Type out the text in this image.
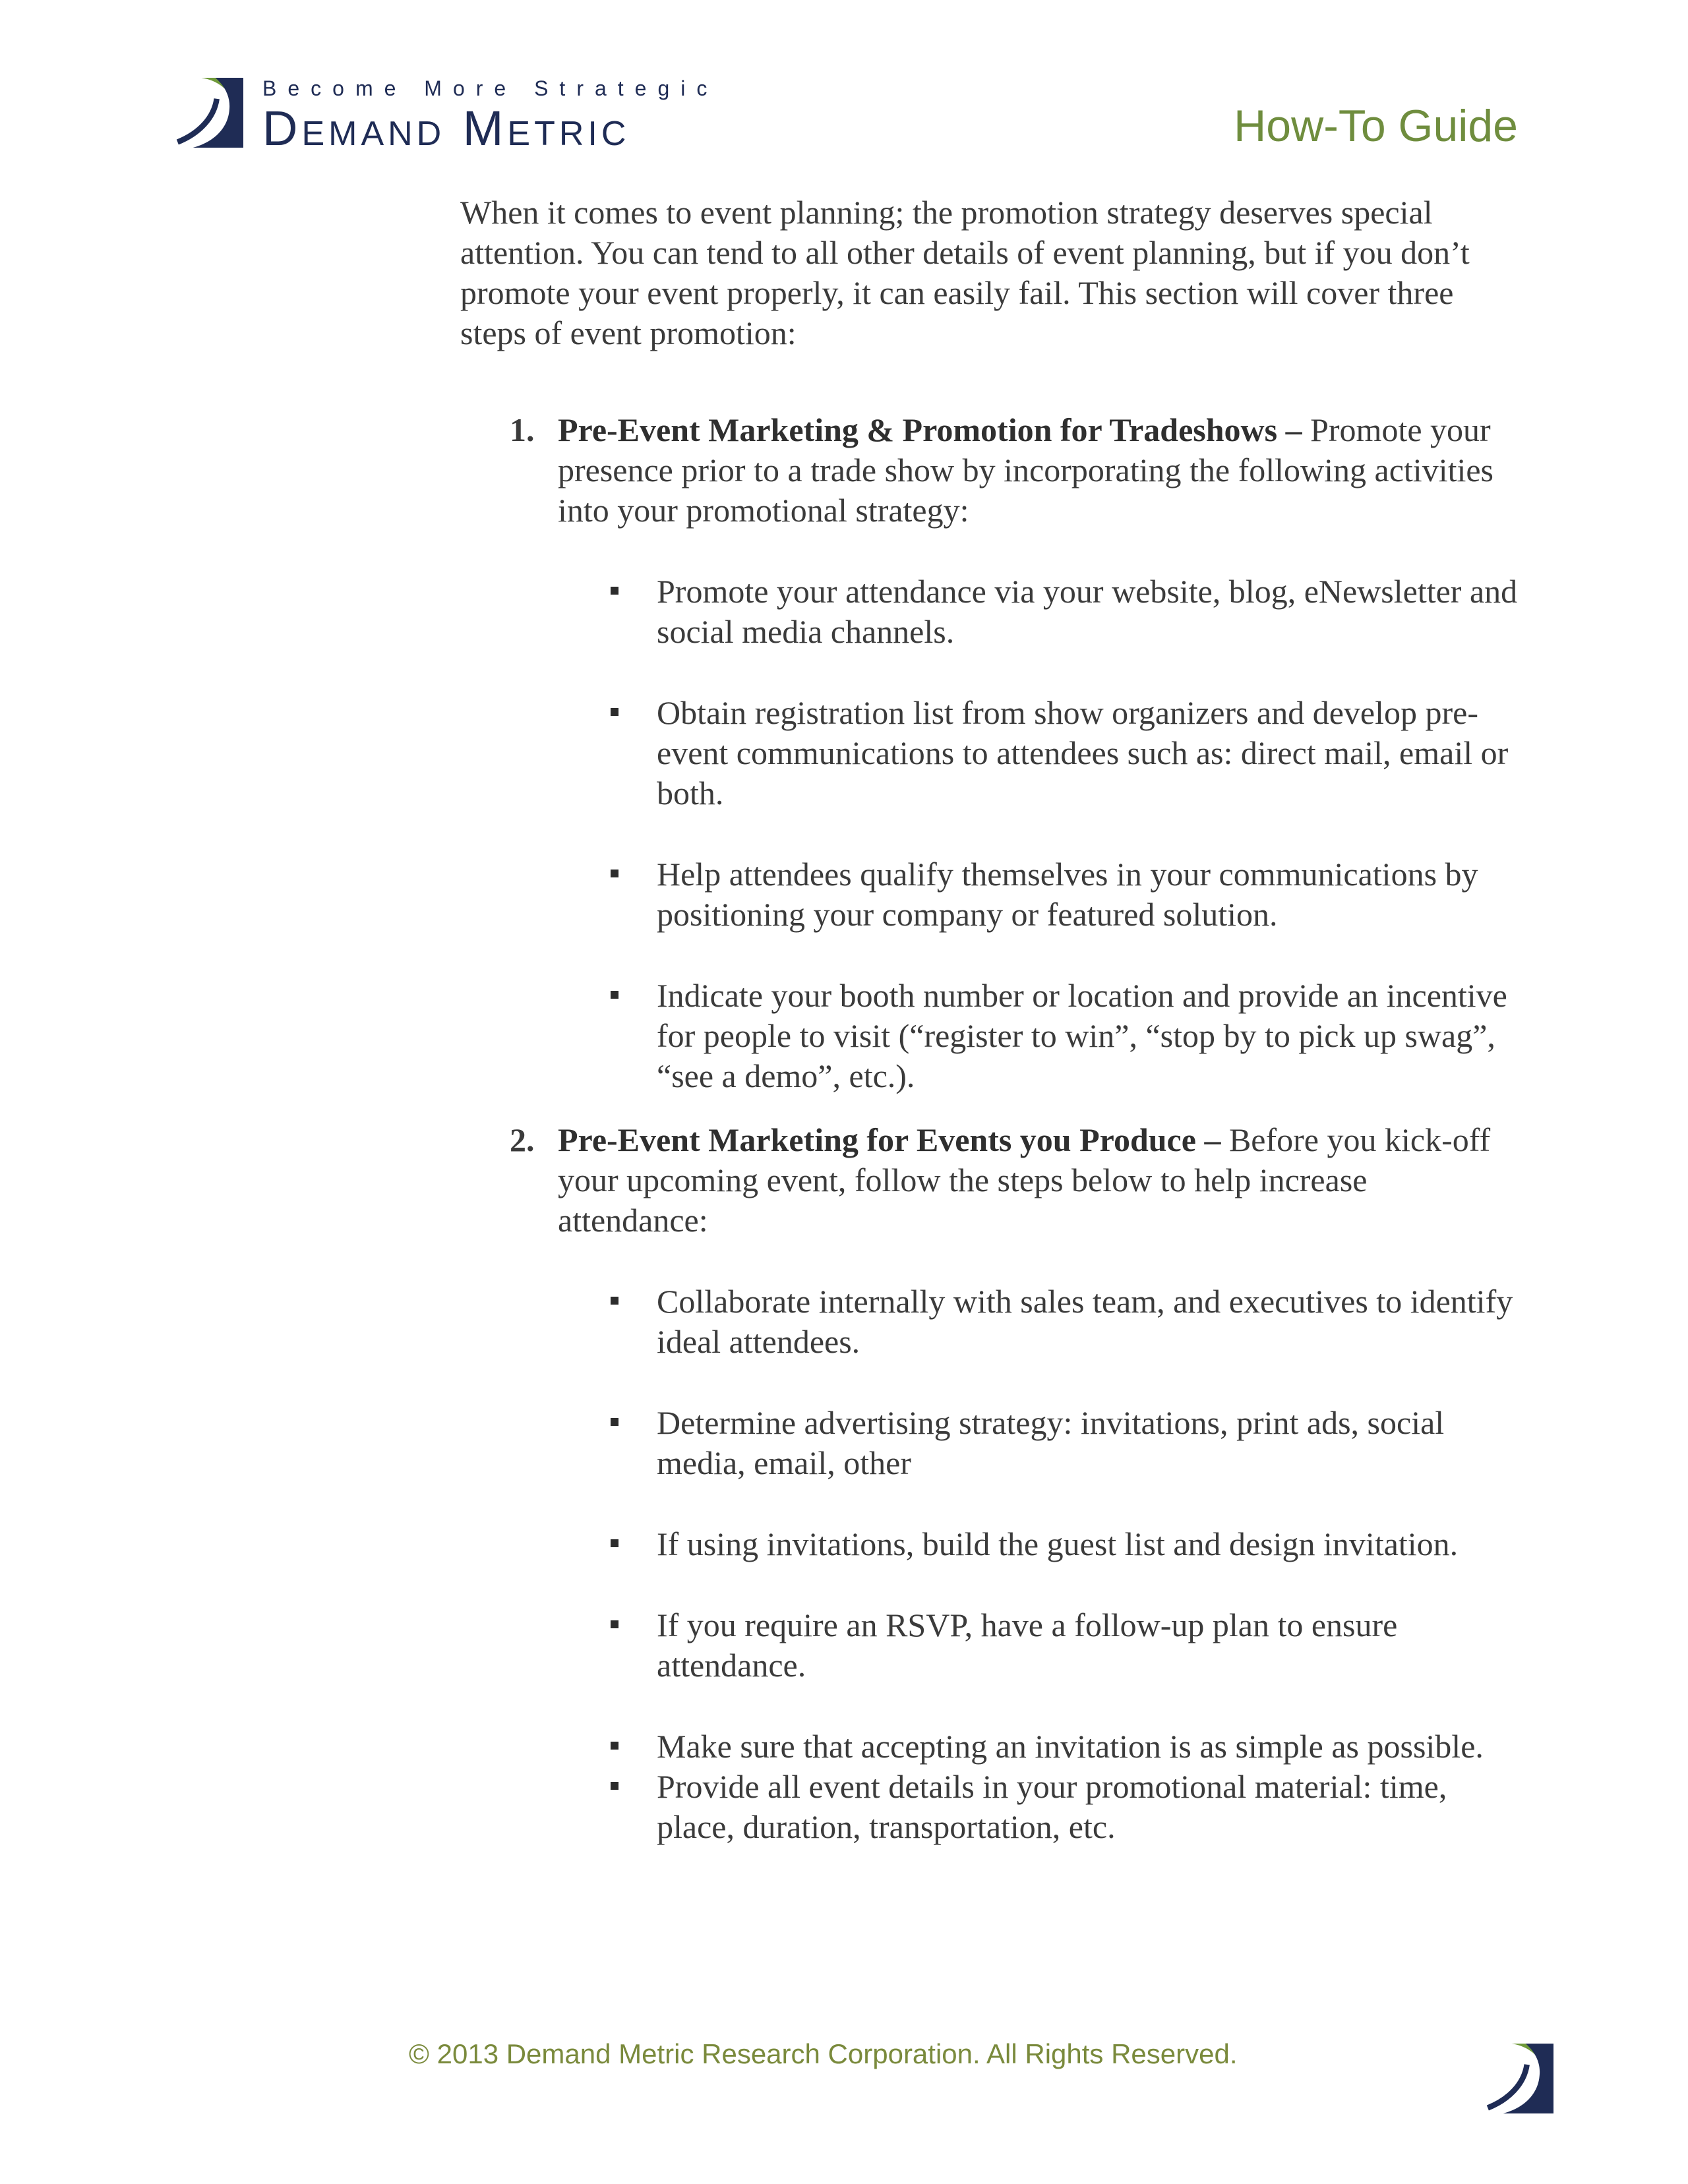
Become More Strategic
Demand Metric	How-To Guide

When it comes to event planning; the promotion strategy deserves special attention. You can tend to all other details of event planning, but if you don’t promote your event properly, it can easily fail. This section will cover three steps of event promotion:

1. Pre-Event Marketing & Promotion for Tradeshows – Promote your presence prior to a trade show by incorporating the following activities into your promotional strategy:
Promote your attendance via your website, blog, eNewsletter and social media channels.
Obtain registration list from show organizers and develop pre-event communications to attendees such as: direct mail, email or both.
Help attendees qualify themselves in your communications by positioning your company or featured solution.
Indicate your booth number or location and provide an incentive for people to visit (“register to win”, “stop by to pick up swag”, “see a demo”, etc.).
2. Pre-Event Marketing for Events you Produce – Before you kick-off your upcoming event, follow the steps below to help increase attendance:
Collaborate internally with sales team, and executives to identify ideal attendees.
Determine advertising strategy: invitations, print ads, social media, email, other
If using invitations, build the guest list and design invitation.
If you require an RSVP, have a follow-up plan to ensure attendance.
Make sure that accepting an invitation is as simple as possible.
Provide all event details in your promotional material: time, place, duration, transportation, etc.
© 2013 Demand Metric Research Corporation. All Rights Reserved.
